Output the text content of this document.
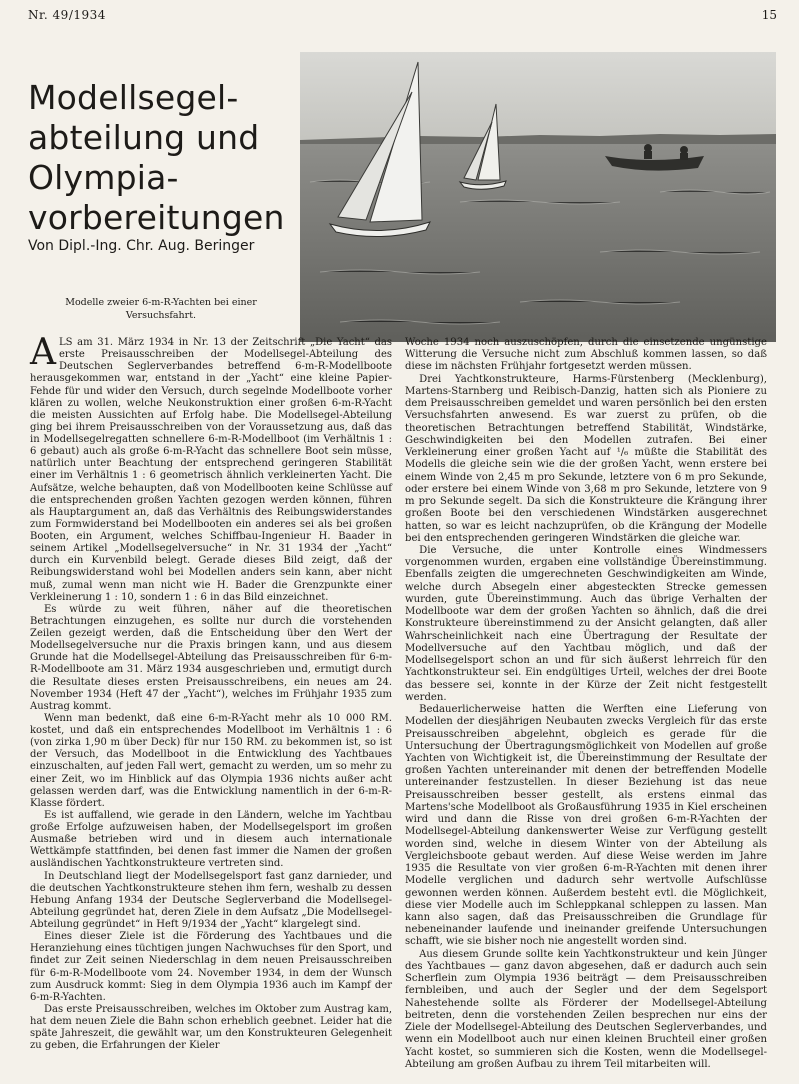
Nr. 49/1934	15
Modellsegel-
abteilung und
Olympia-
vorbereitungen
Von Dipl.-Ing. Chr. Aug. Beringer
Modelle zweier 6-m-R-Yachten bei einer
Versuchsfahrt.

ALS am 31. März 1934 in Nr. 13 der Zeitschrift „Die Yacht“ das erste Preisausschreiben der Modellsegel-Abteilung des Deutschen Seglerverbandes betreffend 6-m-R-Modellboote herausgekommen war, entstand in der „Yacht“ eine kleine Papier-Fehde für und wider den Versuch, durch segelnde Modellboote vorher klären zu wollen, welche Neukonstruktion einer großen 6-m-R-Yacht die meisten Aussichten auf Erfolg habe. Die Modellsegel-Abteilung ging bei ihrem Preisausschreiben von der Voraussetzung aus, daß das in Modellsegelregatten schnellere 6-m-R-Modellboot (im Verhältnis 1 : 6 gebaut) auch als große 6-m-R-Yacht das schnellere Boot sein müsse, natürlich unter Beachtung der entsprechend geringeren Stabilität einer im Verhältnis 1 : 6 geometrisch ähnlich verkleinerten Yacht. Die Aufsätze, welche behaupten, daß von Modellbooten keine Schlüsse auf die entsprechenden großen Yachten gezogen werden können, führen als Hauptargument an, daß das Verhältnis des Reibungswiderstandes zum Formwiderstand bei Modellbooten ein anderes sei als bei großen Booten, ein Argument, welches Schiffbau-Ingenieur H. Baader in seinem Artikel „Modellsegelversuche“ in Nr. 31 1934 der „Yacht“ durch ein Kurvenbild belegt. Gerade dieses Bild zeigt, daß der Reibungswiderstand wohl bei Modellen anders sein kann, aber nicht muß, zumal wenn man nicht wie H. Bader die Grenzpunkte einer Verkleinerung 1 : 10, sondern 1 : 6 in das Bild einzeichnet.

Es würde zu weit führen, näher auf die theoretischen Betrachtungen einzugehen, es sollte nur durch die vorstehenden Zeilen gezeigt werden, daß die Entscheidung über den Wert der Modellsegelversuche nur die Praxis bringen kann, und aus diesem Grunde hat die Modellsegel-Abteilung das Preisausschreiben für 6-m-R-Modellboote am 31. März 1934 ausgeschrieben und, ermutigt durch die Resultate dieses ersten Preisausschreibens, ein neues am 24. November 1934 (Heft 47 der „Yacht“), welches im Frühjahr 1935 zum Austrag kommt.

Wenn man bedenkt, daß eine 6-m-R-Yacht mehr als 10 000 RM. kostet, und daß ein entsprechendes Modellboot im Verhältnis 1 : 6 (von zirka 1,90 m über Deck) für nur 150 RM. zu bekommen ist, so ist der Versuch, das Modellboot in die Entwicklung des Yachtbaues einzuschalten, auf jeden Fall wert, gemacht zu werden, um so mehr zu einer Zeit, wo im Hinblick auf das Olympia 1936 nichts außer acht gelassen werden darf, was die Entwicklung namentlich in der 6-m-R-Klasse fördert.

Es ist auffallend, wie gerade in den Ländern, welche im Yachtbau große Erfolge aufzuweisen haben, der Modellsegelsport im großen Ausmaße betrieben wird und in diesem auch internationale Wettkämpfe stattfinden, bei denen fast immer die Namen der großen ausländischen Yachtkonstrukteure vertreten sind.

In Deutschland liegt der Modellsegelsport fast ganz darnieder, und die deutschen Yachtkonstrukteure stehen ihm fern, weshalb zu dessen Hebung Anfang 1934 der Deutsche Seglerverband die Modellsegel-Abteilung gegründet hat, deren Ziele in dem Aufsatz „Die Modellsegel-Abteilung gegründet“ in Heft 9/1934 der „Yacht“ klargelegt sind.

Eines dieser Ziele ist die Förderung des Yachtbaues und die Heranziehung eines tüchtigen jungen Nachwuchses für den Sport, und findet zur Zeit seinen Niederschlag in dem neuen Preisausschreiben für 6-m-R-Modellboote vom 24. November 1934, in dem der Wunsch zum Ausdruck kommt: Sieg in dem Olympia 1936 auch im Kampf der 6-m-R-Yachten.

Das erste Preisausschreiben, welches im Oktober zum Austrag kam, hat dem neuen Ziele die Bahn schon erheblich geebnet. Leider hat die späte Jahreszeit, die gewählt war, um den Konstrukteuren Gelegenheit zu geben, die Erfahrungen der Kieler

Woche 1934 noch auszuschöpfen, durch die einsetzende ungünstige Witterung die Versuche nicht zum Abschluß kommen lassen, so daß diese im nächsten Frühjahr fortgesetzt werden müssen.

Drei Yachtkonstrukteure, Harms-Fürstenberg (Mecklenburg), Martens-Starnberg und Reibisch-Danzig, hatten sich als Pioniere zu dem Preisausschreiben gemeldet und waren persönlich bei den ersten Versuchsfahrten anwesend. Es war zuerst zu prüfen, ob die theoretischen Betrachtungen betreffend Stabilität, Windstärke, Geschwindigkeiten bei den Modellen zutrafen. Bei einer Verkleinerung einer großen Yacht auf ¹/₆ müßte die Stabilität des Modells die gleiche sein wie die der großen Yacht, wenn erstere bei einem Winde von 2,45 m pro Sekunde, letztere von 6 m pro Sekunde, oder erstere bei einem Winde von 3,68 m pro Sekunde, letztere von 9 m pro Sekunde segelt. Da sich die Konstrukteure die Krängung ihrer großen Boote bei den verschiedenen Windstärken ausgerechnet hatten, so war es leicht nachzuprüfen, ob die Krängung der Modelle bei den entsprechenden geringeren Windstärken die gleiche war.

Die Versuche, die unter Kontrolle eines Windmessers vorgenommen wurden, ergaben eine vollständige Übereinstimmung. Ebenfalls zeigten die umgerechneten Geschwindigkeiten am Winde, welche durch Absegeln einer abgesteckten Strecke gemessen wurden, gute Übereinstimmung. Auch das übrige Verhalten der Modellboote war dem der großen Yachten so ähnlich, daß die drei Konstrukteure übereinstimmend zu der Ansicht gelangten, daß aller Wahrscheinlichkeit nach eine Übertragung der Resultate der Modellversuche auf den Yachtbau möglich, und daß der Modellsegelsport schon an und für sich äußerst lehrreich für den Yachtkonstrukteur sei. Ein endgültiges Urteil, welches der drei Boote das bessere sei, konnte in der Kürze der Zeit nicht festgestellt werden.

Bedauerlicherweise hatten die Werften eine Lieferung von Modellen der diesjährigen Neubauten zwecks Vergleich für das erste Preisausschreiben abgelehnt, obgleich es gerade für die Untersuchung der Übertragungsmöglichkeit von Modellen auf große Yachten von Wichtigkeit ist, die Übereinstimmung der Resultate der großen Yachten untereinander mit denen der betreffenden Modelle untereinander festzustellen. In dieser Beziehung ist das neue Preisausschreiben besser gestellt, als erstens einmal das Martens'sche Modellboot als Großausführung 1935 in Kiel erscheinen wird und dann die Risse von drei großen 6-m-R-Yachten der Modellsegel-Abteilung dankenswerter Weise zur Verfügung gestellt worden sind, welche in diesem Winter von der Abteilung als Vergleichsboote gebaut werden. Auf diese Weise werden im Jahre 1935 die Resultate von vier großen 6-m-R-Yachten mit denen ihrer Modelle verglichen und dadurch sehr wertvolle Aufschlüsse gewonnen werden können. Außerdem besteht evtl. die Möglichkeit, diese vier Modelle auch im Schleppkanal schleppen zu lassen. Man kann also sagen, daß das Preisausschreiben die Grundlage für nebeneinander laufende und ineinander greifende Untersuchungen schafft, wie sie bisher noch nie angestellt worden sind.

Aus diesem Grunde sollte kein Yachtkonstrukteur und kein Jünger des Yachtbaues — ganz davon abgesehen, daß er dadurch auch sein Scherflein zum Olympia 1936 beiträgt — dem Preisausschreiben fernbleiben, und auch der Segler und der dem Segelsport Nahestehende sollte als Förderer der Modellsegel-Abteilung beitreten, denn die vorstehenden Zeilen besprechen nur eins der Ziele der Modellsegel-Abteilung des Deutschen Seglerverbandes, und wenn ein Modellboot auch nur einen kleinen Bruchteil einer großen Yacht kostet, so summieren sich die Kosten, wenn die Modellsegel-Abteilung am großen Aufbau zu ihrem Teil mitarbeiten will.
